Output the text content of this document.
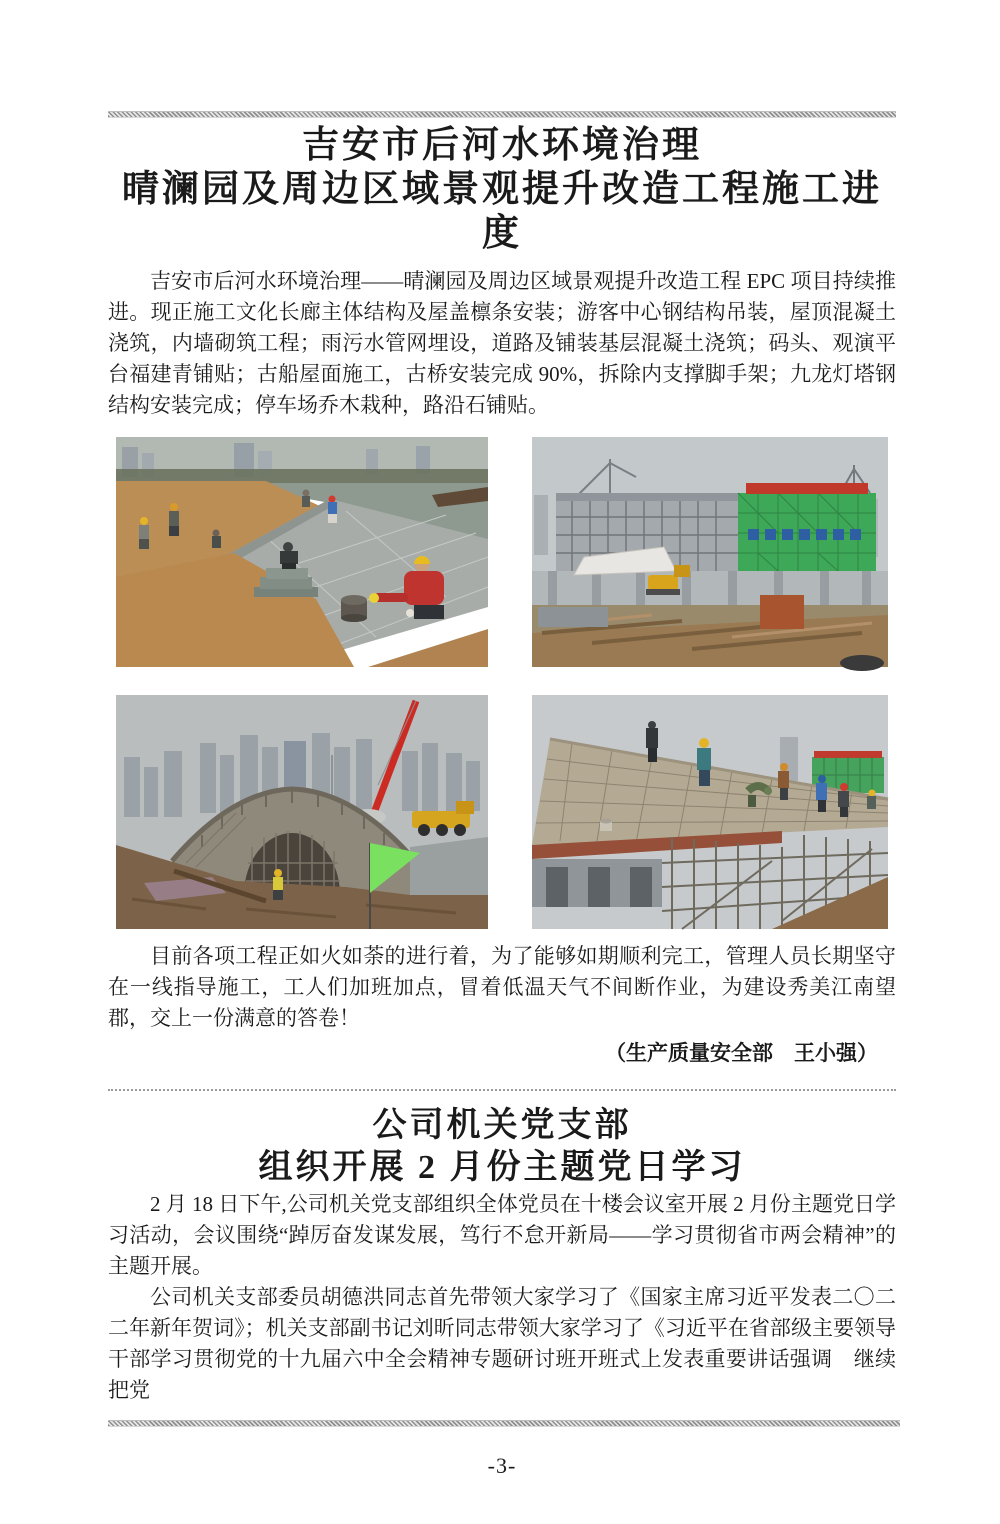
吉安市后河水环境治理
晴澜园及周边区域景观提升改造工程施工进度

吉安市后河水环境治理——晴澜园及周边区域景观提升改造工程 EPC 项目持续推进。现正施工文化长廊主体结构及屋盖檩条安装；游客中心钢结构吊装，屋顶混凝土浇筑，内墙砌筑工程；雨污水管网埋设，道路及铺装基层混凝土浇筑；码头、观演平台福建青铺贴；古船屋面施工，古桥安装完成 90%，拆除内支撑脚手架；九龙灯塔钢结构安装完成；停车场乔木栽种，路沿石铺贴。

目前各项工程正如火如荼的进行着，为了能够如期顺利完工，管理人员长期坚守在一线指导施工，工人们加班加点，冒着低温天气不间断作业，为建设秀美江南望郡，交上一份满意的答卷！

（生产质量安全部　王小强）

公司机关党支部
组织开展 2 月份主题党日学习

2 月 18 日下午,公司机关党支部组织全体党员在十楼会议室开展 2 月份主题党日学习活动，会议围绕“踔厉奋发谋发展，笃行不怠开新局——学习贯彻省市两会精神”的主题开展。

公司机关支部委员胡德洪同志首先带领大家学习了《国家主席习近平发表二〇二二年新年贺词》；机关支部副书记刘昕同志带领大家学习了《习近平在省部级主要领导干部学习贯彻党的十九届六中全会精神专题研讨班开班式上发表重要讲话强调　继续把党

-3-
